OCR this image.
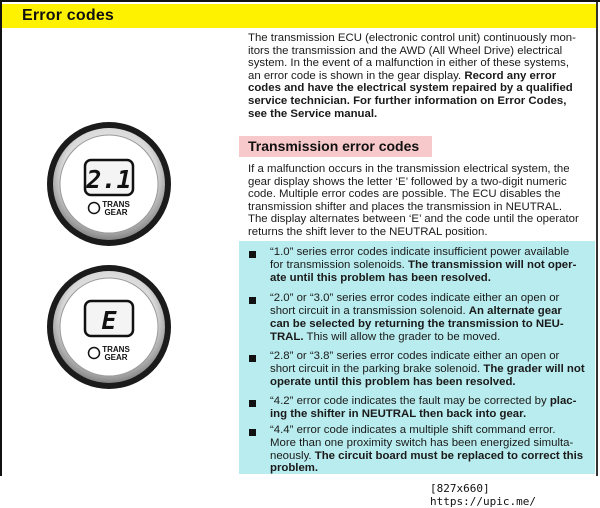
Error codes
The transmission ECU (electronic control unit) continuously mon-
itors the transmission and the AWD (All Wheel Drive) electrical
system. In the event of a malfunction in either of these systems,
an error code is shown in the gear display. Record any error
codes and have the electrical system repaired by a qualified
service technician. For further information on Error Codes,
see the Service manual.
Transmission error codes
If a malfunction occurs in the transmission electrical system, the
gear display shows the letter ‘E’ followed by a two-digit numeric
code. Multiple error codes are possible. The ECU disables the
transmission shifter and places the transmission in NEUTRAL.
The display alternates between ‘E’ and the code until the operator
returns the shift lever to the NEUTRAL position.
“1.0” series error codes indicate insufficient power available
for transmission solenoids. The transmission will not oper-
ate until this problem has been resolved.
“2.0” or “3.0” series error codes indicate either an open or
short circuit in a transmission solenoid. An alternate gear
can be selected by returning the transmission to NEU-
TRAL. This will allow the grader to be moved.
“2.8” or “3.8” series error codes indicate either an open or
short circuit in the parking brake solenoid. The grader will not
operate until this problem has been resolved.
“4.2” error code indicates the fault may be corrected by plac-
ing the shifter in NEUTRAL then back into gear.
“4.4” error code indicates a multiple shift command error.
More than one proximity switch has been energized simulta-
neously. The circuit board must be replaced to correct this
problem.
2.1
TRANS
GEAR
E
TRANS
GEAR
[827x660] https://upic.me/
